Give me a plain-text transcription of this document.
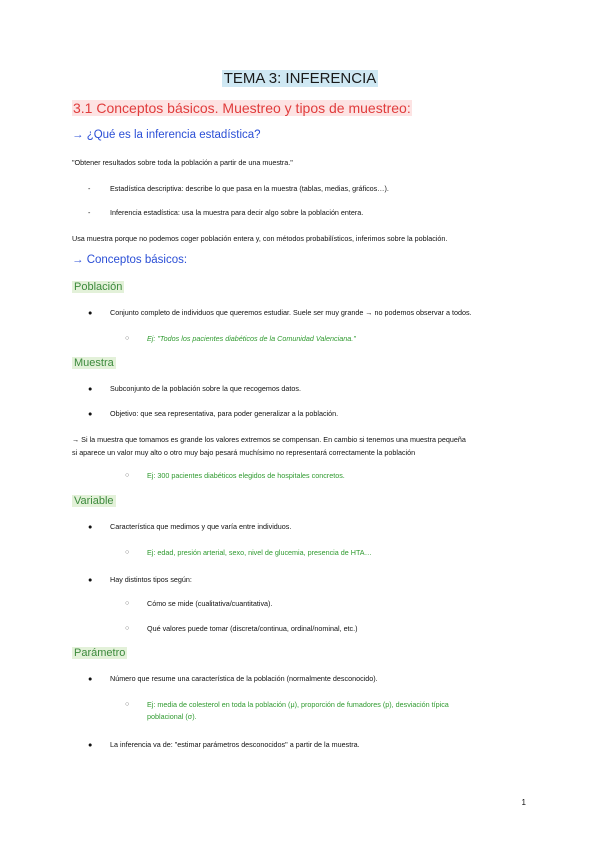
TEMA 3: INFERENCIA
3.1 Conceptos básicos. Muestreo y tipos de muestreo:
→ ¿Qué es la inferencia estadística?
"Obtener resultados sobre toda la población a partir de una muestra."
-	Estadística descriptiva: describe lo que pasa en la muestra (tablas, medias, gráficos…).
-	Inferencia estadística: usa la muestra para decir algo sobre la población entera.
Usa muestra porque no podemos coger población entera y, con métodos probabilísticos, inferimos sobre la población.
→ Conceptos básicos:
Población
● Conjunto completo de individuos que queremos estudiar. Suele ser muy grande → no podemos observar a todos.
○ Ej: "Todos los pacientes diabéticos de la Comunidad Valenciana."
Muestra
● Subconjunto de la población sobre la que recogemos datos.
● Objetivo: que sea representativa, para poder generalizar a la población.
→ Si la muestra que tomamos es grande los valores extremos se compensan. En cambio si tenemos una muestra pequeña
si aparece un valor muy alto o otro muy bajo pesará muchísimo no representará correctamente la población
○ Ej: 300 pacientes diabéticos elegidos de hospitales concretos.
Variable
● Característica que medimos y que varía entre individuos.
○ Ej: edad, presión arterial, sexo, nivel de glucemia, presencia de HTA…
● Hay distintos tipos según:
○ Cómo se mide (cualitativa/cuantitativa).
○ Qué valores puede tomar (discreta/continua, ordinal/nominal, etc.)
Parámetro
● Número que resume una característica de la población (normalmente desconocido).
○ Ej: media de colesterol en toda la población (μ), proporción de fumadores (p), desviación típica
poblacional (σ).
● La inferencia va de: "estimar parámetros desconocidos" a partir de la muestra.
1
